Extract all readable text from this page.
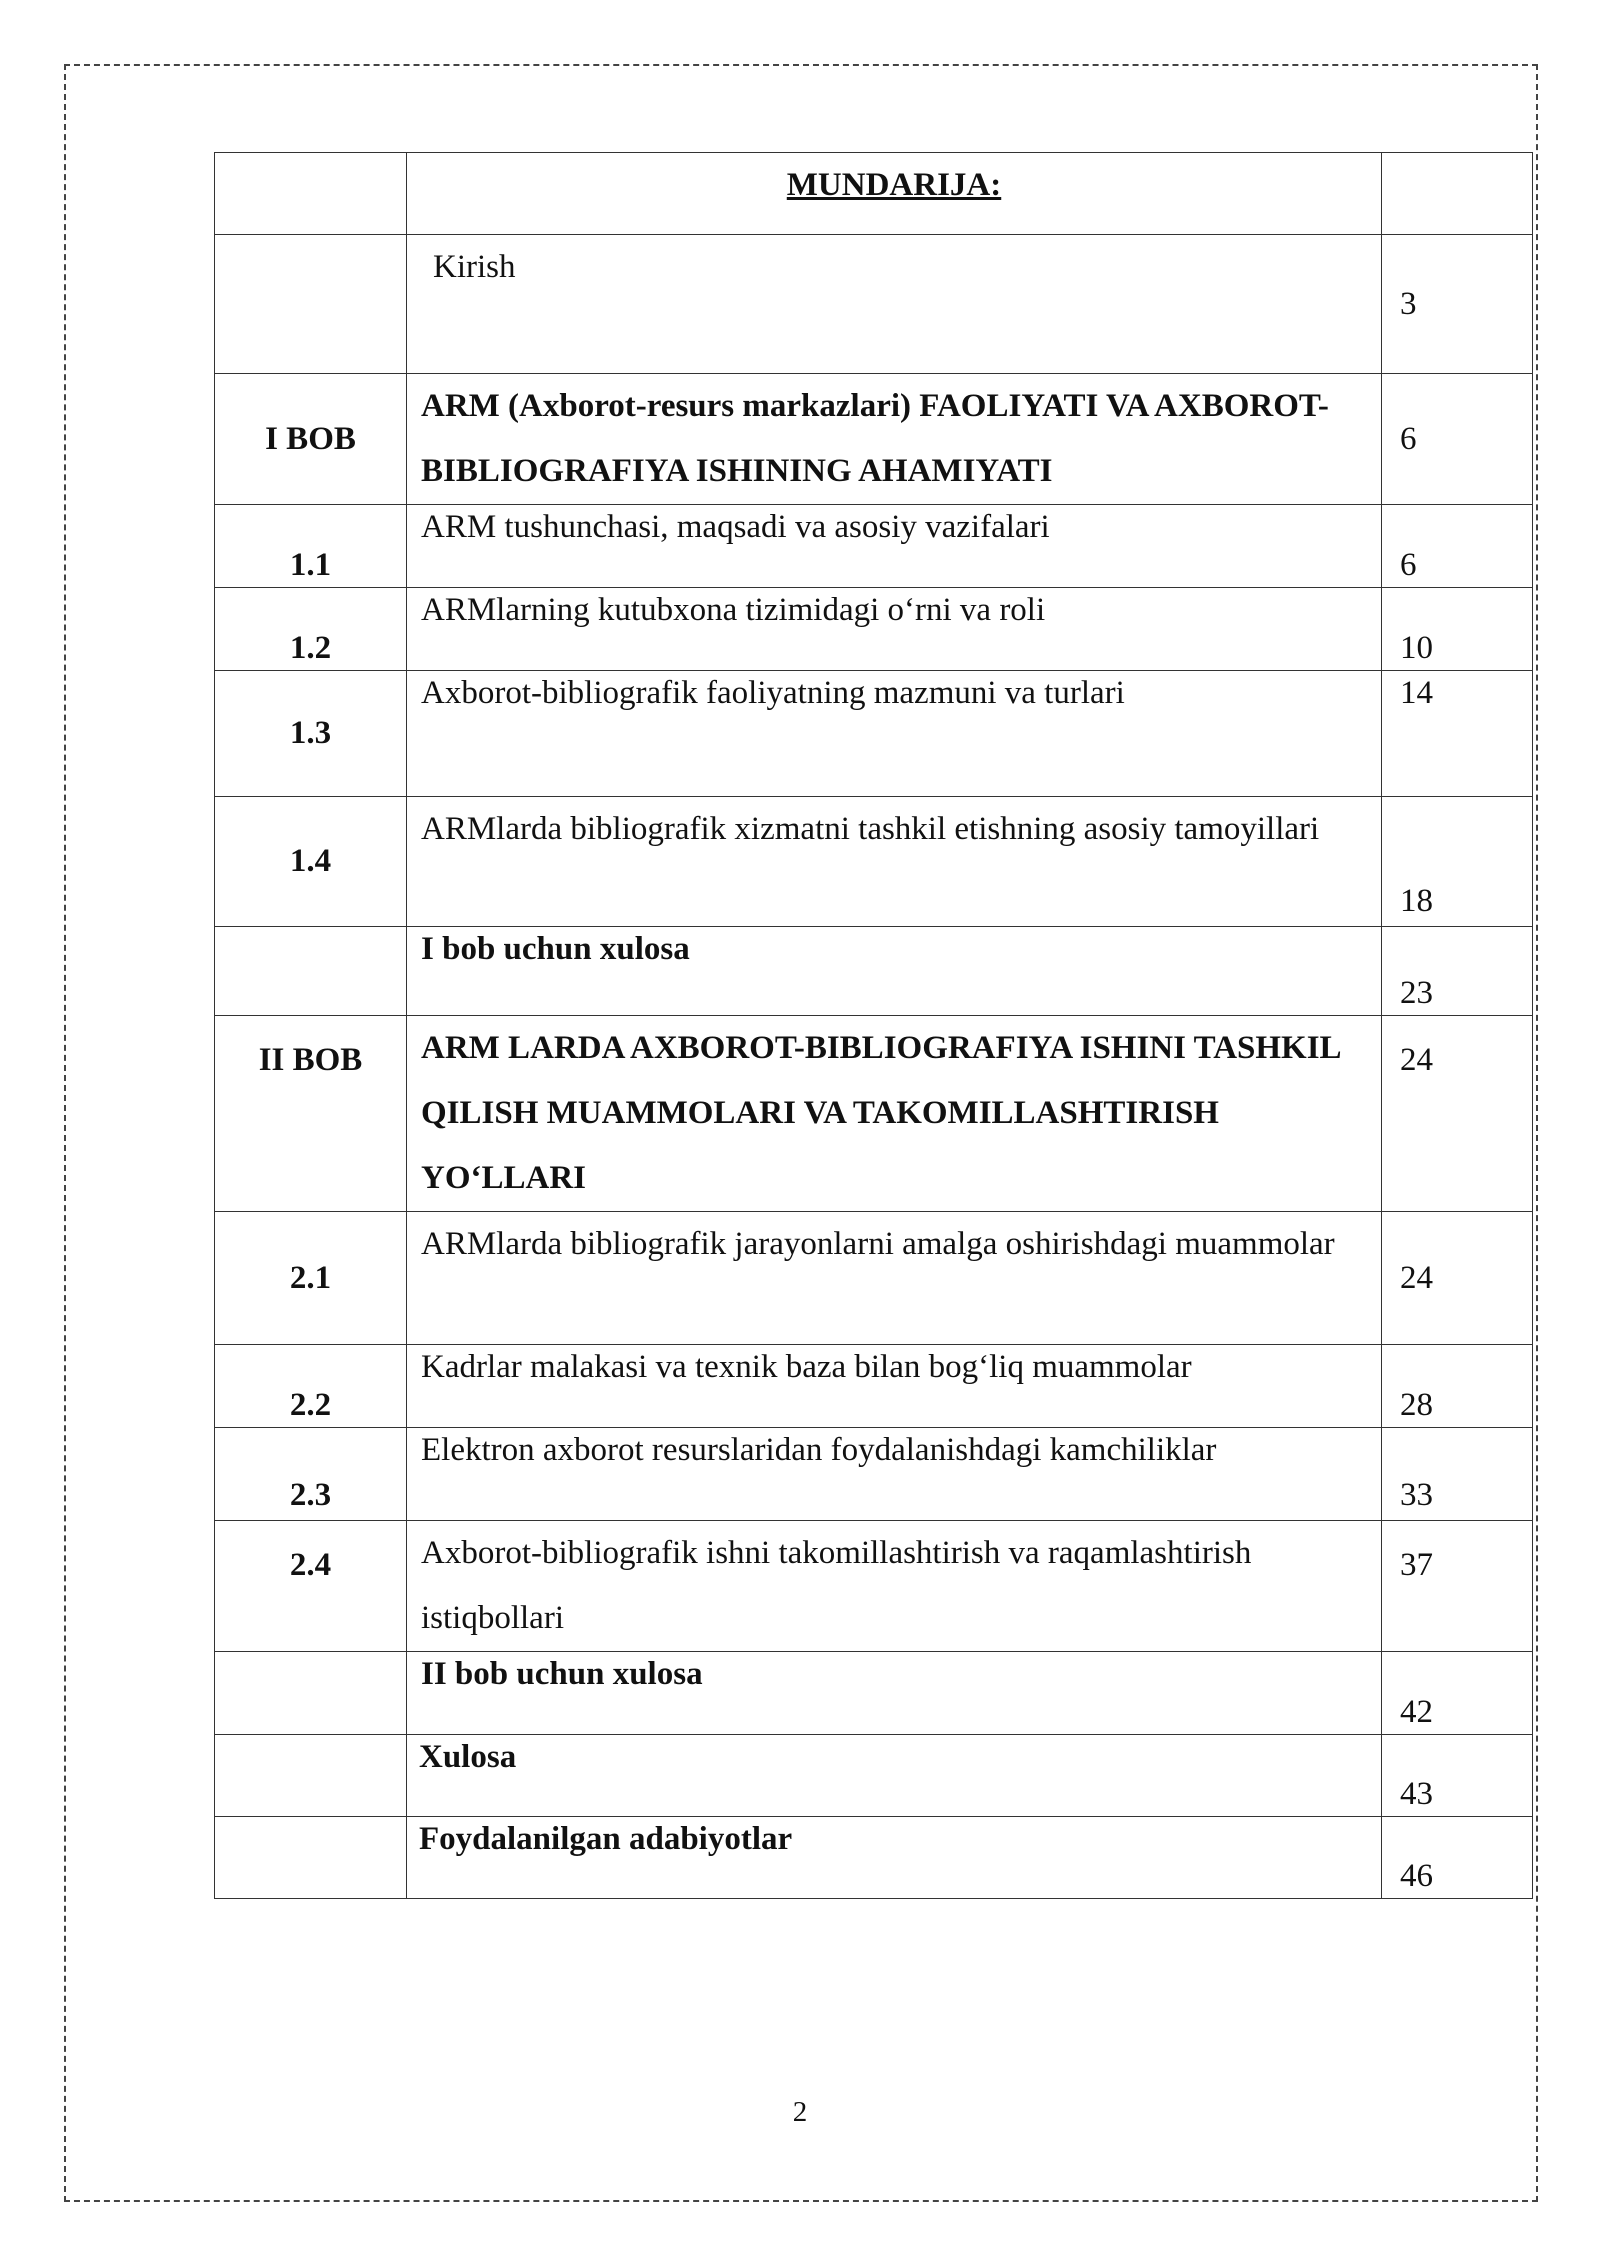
	MUNDARIJA:	
	Kirish	3
I BOB	ARM (Axborot-resurs markazlari) FAOLIYATI VA AXBOROT-BIBLIOGRAFIYA ISHINING AHAMIYATI	6
1.1	ARM tushunchasi, maqsadi va asosiy vazifalari	6
1.2	ARMlarning kutubxona tizimidagi o‘rni va roli	10
1.3	Axborot-bibliografik faoliyatning mazmuni va turlari	14
1.4	ARMlarda bibliografik xizmatni tashkil etishning asosiy tamoyillari	18
	I bob uchun xulosa	23
II BOB	ARM LARDA AXBOROT-BIBLIOGRAFIYA ISHINI TASHKIL QILISH MUAMMOLARI VA TAKOMILLASHTIRISH YO‘LLARI	24
2.1	ARMlarda bibliografik jarayonlarni amalga oshirishdagi muammolar	24
2.2	Kadrlar malakasi va texnik baza bilan bog‘liq muammolar	28
2.3	Elektron axborot resurslaridan foydalanishdagi kamchiliklar	33
2.4	Axborot-bibliografik ishni takomillashtirish va raqamlashtirish istiqbollari	37
	II bob uchun xulosa	42
	Xulosa	43
	Foydalanilgan adabiyotlar	46
2
